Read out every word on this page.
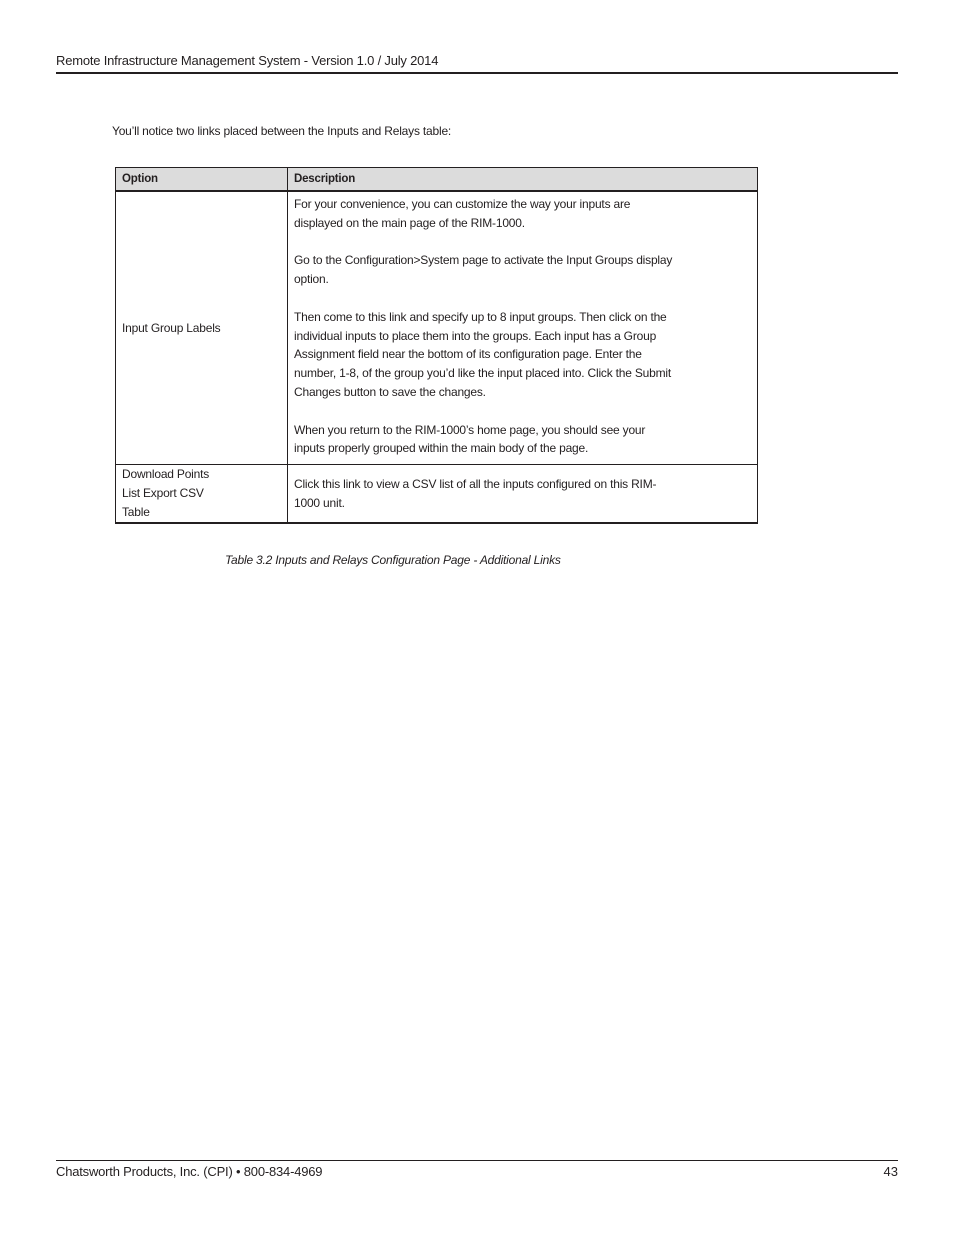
Remote Infrastructure Management System - Version 1.0 / July 2014
You’ll notice two links placed between the Inputs and Relays table:
Option	Description
Input Group Labels	For your convenience, you can customize the way your inputs are displayed on the main page of the RIM-1000.

Go to the Configuration>System page to activate the Input Groups display option.

Then come to this link and specify up to 8 input groups. Then click on the individual inputs to place them into the groups. Each input has a Group Assignment field near the bottom of its configuration page. Enter the number, 1-8, of the group you’d like the input placed into. Click the Submit Changes button to save the changes.

When you return to the RIM-1000’s home page, you should see your inputs properly grouped within the main body of the page.

Download Points List Export CSV Table	Click this link to view a CSV list of all the inputs configured on this RIM-1000 unit.

Table 3.2 Inputs and Relays Configuration Page - Additional Links
Chatsworth Products, Inc. (CPI) • 800-834-4969	43
